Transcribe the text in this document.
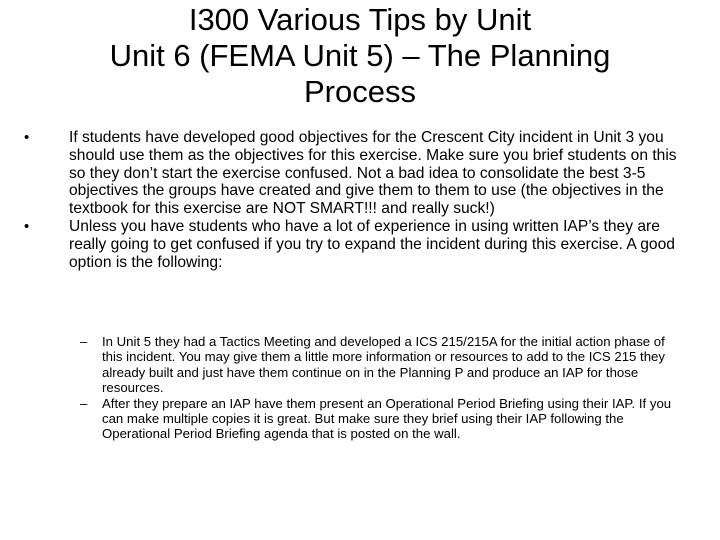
I300 Various Tips by Unit
Unit 6 (FEMA Unit 5) – The Planning
Process
•	If students have developed good objectives for the Crescent City incident in Unit 3 you should use them as the objectives for this exercise. Make sure you brief students on this so they don’t start the exercise confused. Not a bad idea to consolidate the best 3-5 objectives the groups have created and give them to them to use (the objectives in the textbook for this exercise are NOT SMART!!! and really suck!)
•	Unless you have students who have a lot of experience in using written IAP’s they are really going to get confused if you try to expand the incident during this exercise. A good option is the following:
–	In Unit 5 they had a Tactics Meeting and developed a ICS 215/215A for the initial action phase of this incident. You may give them a little more information or resources to add to the ICS 215 they already built and just have them continue on in the Planning P and produce an IAP for those resources.
–	After they prepare an IAP have them present an Operational Period Briefing using their IAP. If you can make multiple copies it is great. But make sure they brief using their IAP following the Operational Period Briefing agenda that is posted on the wall.
